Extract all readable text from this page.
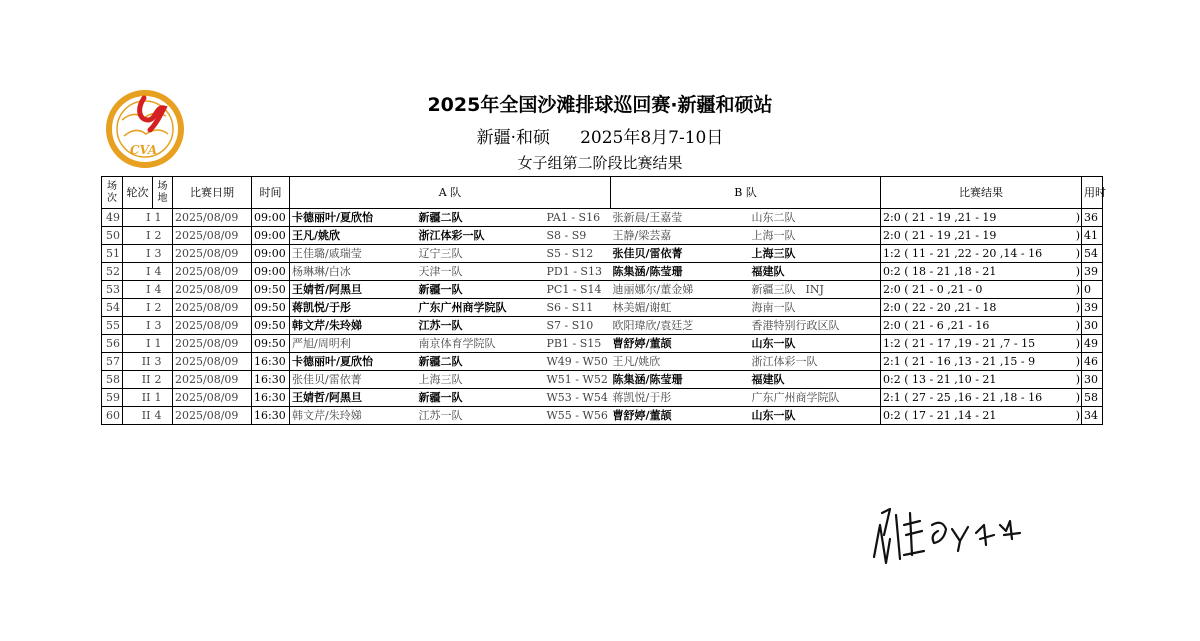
CVA
2025年全国沙滩排球巡回赛·新疆和硕站
新疆·和硕 2025年8月7-10日
女子组第二阶段比赛结果
场次	轮次	场地	比赛日期	时间	A 队			B 队		比赛结果	用时
49	I	1	2025/08/09	09:00	卡德丽叶/夏欣怡	新疆二队	PA1 - S16	张新晨/王嘉莹	山东二队	2:0 ( 21 - 19 ,21 - 19 )	36
50	I	2	2025/08/09	09:00	王凡/姚欣	浙江体彩一队	S8 - S9	王静/梁芸嘉	上海一队	2:0 ( 21 - 19 ,21 - 19 )	41
51	I	3	2025/08/09	09:00	王佳璐/戚瑞莹	辽宁三队	S5 - S12	张佳贝/雷依菁	上海三队	1:2 ( 11 - 21 ,22 - 20 ,14 - 16 )	54
52	I	4	2025/08/09	09:00	杨琳琳/白冰	天津一队	PD1 - S13	陈集涵/陈莹珊	福建队	0:2 ( 18 - 21 ,18 - 21 )	39
53	I	4	2025/08/09	09:50	王婧哲/阿黑旦	新疆一队	PC1 - S14	迪丽娜尔/董金娣	新疆三队 INJ	2:0 ( 21 - 0 ,21 - 0 )	0
54	I	2	2025/08/09	09:50	蒋凯悦/于彤	广东广州商学院队	S6 - S11	林美媚/谢虹	海南一队	2:0 ( 22 - 20 ,21 - 18 )	39
55	I	3	2025/08/09	09:50	韩文芹/朱玲娣	江苏一队	S7 - S10	欧阳瑋欣/袁廷芝	香港特别行政区队	2:0 ( 21 - 6 ,21 - 16 )	30
56	I	1	2025/08/09	09:50	严旭/周明利	南京体育学院队	PB1 - S15	曹舒婷/董颉	山东一队	1:2 ( 21 - 17 ,19 - 21 ,7 - 15 )	49
57	II	3	2025/08/09	16:30	卡德丽叶/夏欣怡	新疆二队	W49 - W50	王凡/姚欣	浙江体彩一队	2:1 ( 21 - 16 ,13 - 21 ,15 - 9 )	46
58	II	2	2025/08/09	16:30	张佳贝/雷依菁	上海三队	W51 - W52	陈集涵/陈莹珊	福建队	0:2 ( 13 - 21 ,10 - 21 )	30
59	II	1	2025/08/09	16:30	王婧哲/阿黑旦	新疆一队	W53 - W54	蒋凯悦/于彤	广东广州商学院队	2:1 ( 27 - 25 ,16 - 21 ,18 - 16 )	58
60	II	4	2025/08/09	16:30	韩文芹/朱玲娣	江苏一队	W55 - W56	曹舒婷/董颉	山东一队	0:2 ( 17 - 21 ,14 - 21 )	34
